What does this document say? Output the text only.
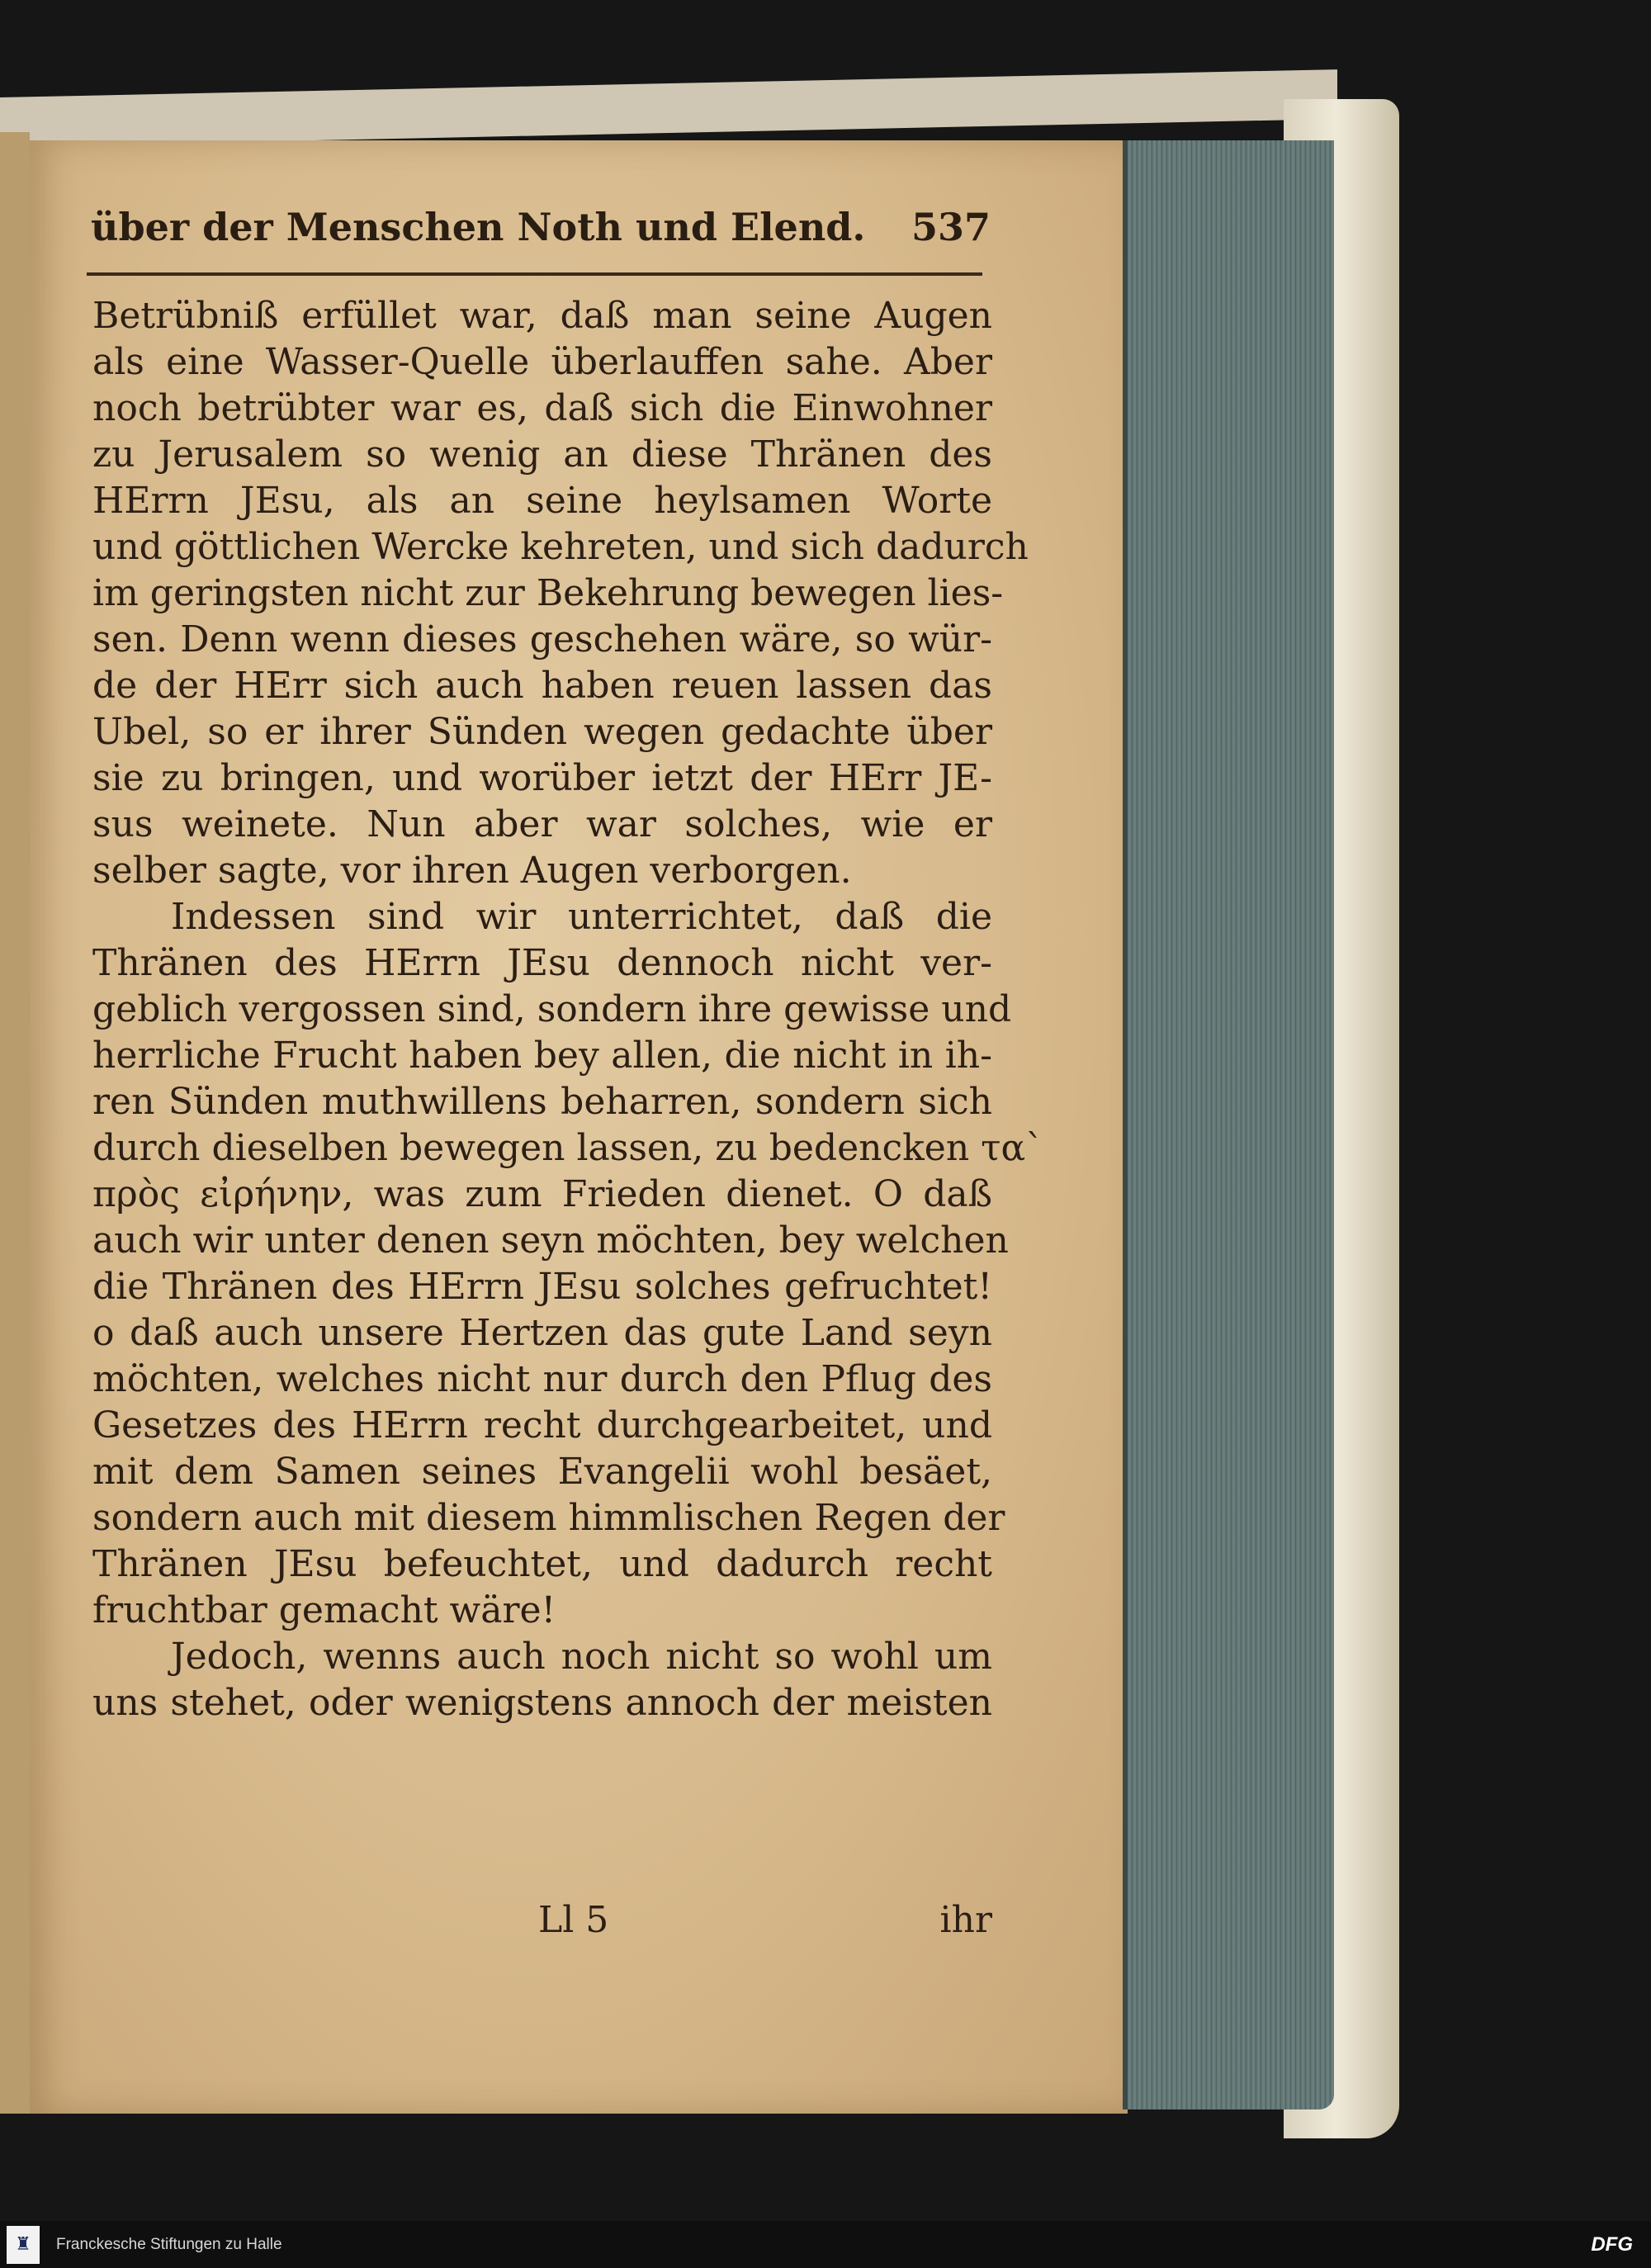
über der Menschen Noth und Elend. 537
Betrübniß erfüllet war, daß man seine Augen
als eine Wasser-Quelle überlauffen sahe. Aber
noch betrübter war es, daß sich die Einwohner
zu Jerusalem so wenig an diese Thränen des
HErrn JEsu, als an seine heylsamen Worte
und göttlichen Wercke kehreten, und sich dadurch
im geringsten nicht zur Bekehrung bewegen lies-
sen. Denn wenn dieses geschehen wäre, so wür-
de der HErr sich auch haben reuen lassen das
Ubel, so er ihrer Sünden wegen gedachte über
sie zu bringen, und worüber ietzt der HErr JE-
sus weinete. Nun aber war solches, wie er
selber sagte, vor ihren Augen verborgen.
Indessen sind wir unterrichtet, daß die
Thränen des HErrn JEsu dennoch nicht ver-
geblich vergossen sind, sondern ihre gewisse und
herrliche Frucht haben bey allen, die nicht in ih-
ren Sünden muthwillens beharren, sondern sich
durch dieselben bewegen lassen, zu bedencken τα`
πρὸς εἰρήνην, was zum Frieden dienet. O daß
auch wir unter denen seyn möchten, bey welchen
die Thränen des HErrn JEsu solches gefruchtet!
o daß auch unsere Hertzen das gute Land seyn
möchten, welches nicht nur durch den Pflug des
Gesetzes des HErrn recht durchgearbeitet, und
mit dem Samen seines Evangelii wohl besäet,
sondern auch mit diesem himmlischen Regen der
Thränen JEsu befeuchtet, und dadurch recht
fruchtbar gemacht wäre!
Jedoch, wenns auch noch nicht so wohl um
uns stehet, oder wenigstens annoch der meisten
Ll 5	ihr
♜	Franckesche Stiftungen zu Halle	DFG
